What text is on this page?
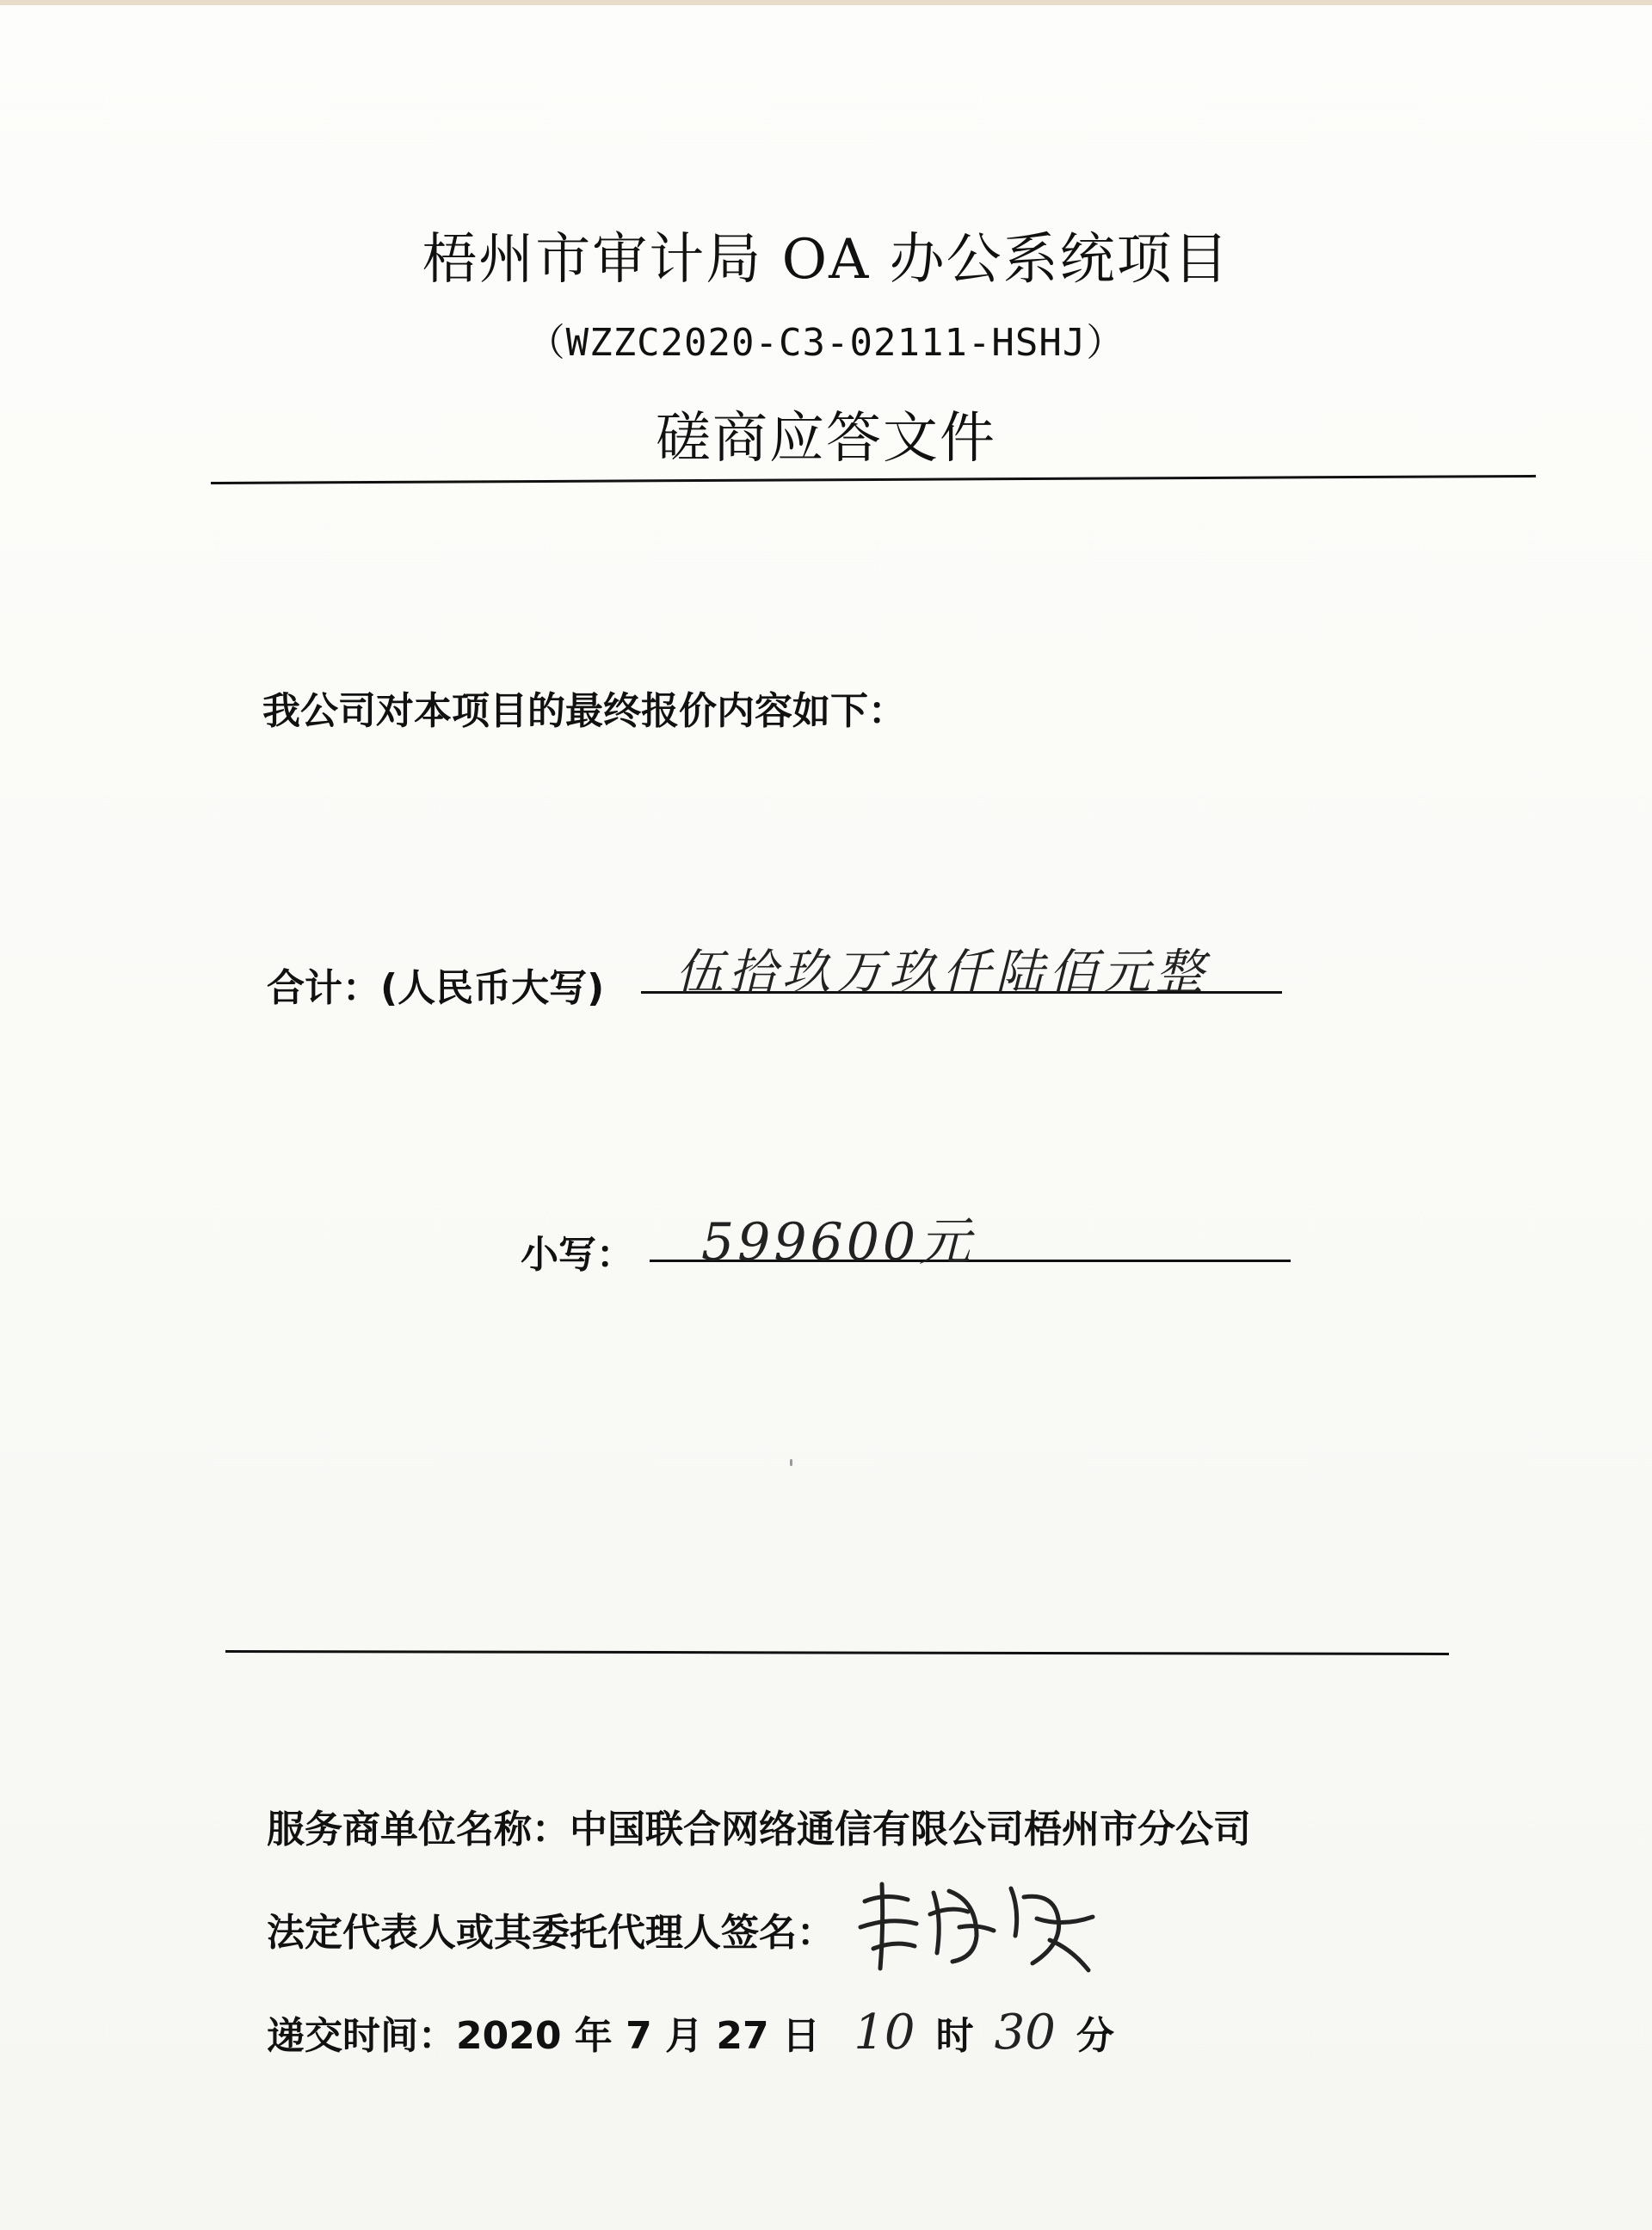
梧州市审计局 OA 办公系统项目
（WZZC2020-C3-02111-HSHJ）
磋商应答文件
我公司对本项目的最终报价内容如下：
合计：(人民币大写) 伍拾玖万玖仟陆佰元整
小写： 599600元
服务商单位名称：中国联合网络通信有限公司梧州市分公司
法定代表人或其委托代理人签名：
递交时间：2020 年 7 月 27 日 10 时 30 分
